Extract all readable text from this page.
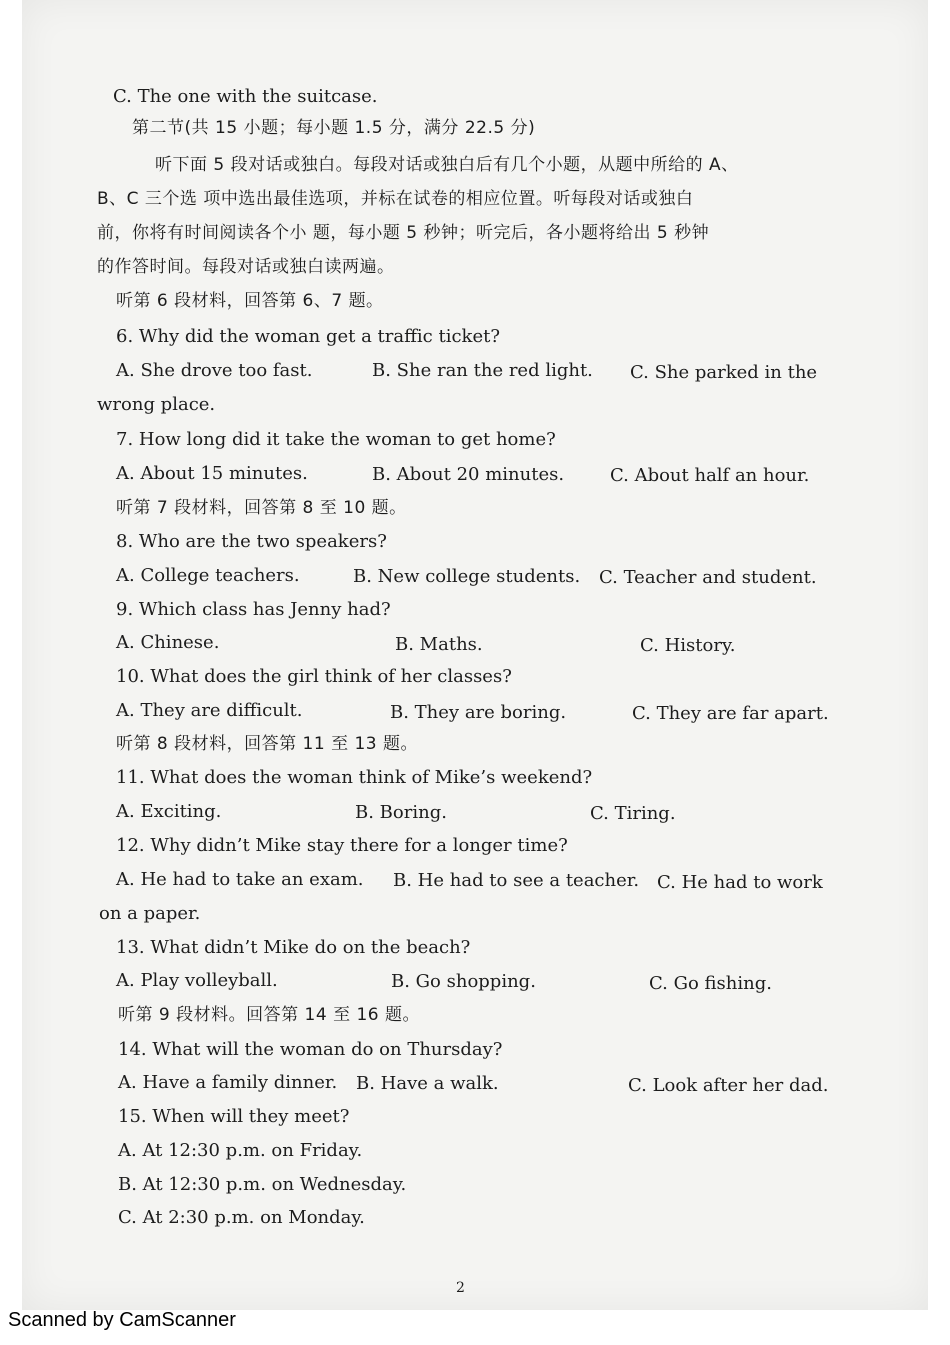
C. The one with the suitcase.
第二节(共 15 小题；每小题 1.5 分，满分 22.5 分)
听下面 5 段对话或独白。每段对话或独白后有几个小题，从题中所给的 A、
B、C 三个选 项中选出最佳选项，并标在试卷的相应位置。听每段对话或独白
前，你将有时间阅读各个小 题，每小题 5 秒钟；听完后，各小题将给出 5 秒钟
的作答时间。每段对话或独白读两遍。
听第 6 段材料，回答第 6、7 题。
6. Why did the woman get a traffic ticket?
A. She drove too fast.	B. She ran the red light. C. She parked in the
wrong place.
7. How long did it take the woman to get home?
A. About 15 minutes.	B. About 20 minutes.	C. About half an hour.
听第 7 段材料，回答第 8 至 10 题。
8. Who are the two speakers?
A. College teachers.	B. New college students. C. Teacher and student.
9. Which class has Jenny had?
A. Chinese.	B. Maths.	C. History.
10. What does the girl think of her classes?
A. They are difficult.	B. They are boring.	C. They are far apart.
听第 8 段材料，回答第 11 至 13 题。
11. What does the woman think of Mike’s weekend?
A. Exciting.	B. Boring.	C. Tiring.
12. Why didn’t Mike stay there for a longer time?
A. He had to take an exam. B. He had to see a teacher. C. He had to work
on a paper.
13. What didn’t Mike do on the beach?
A. Play volleyball.	B. Go shopping.	C. Go fishing.
听第 9 段材料。回答第 14 至 16 题。
14. What will the woman do on Thursday?
A. Have a family dinner. B. Have a walk.	C. Look after her dad.
15. When will they meet?
A. At 12:30 p.m. on Friday.
B. At 12:30 p.m. on Wednesday.
C. At 2:30 p.m. on Monday.
2
Scanned by CamScanner
